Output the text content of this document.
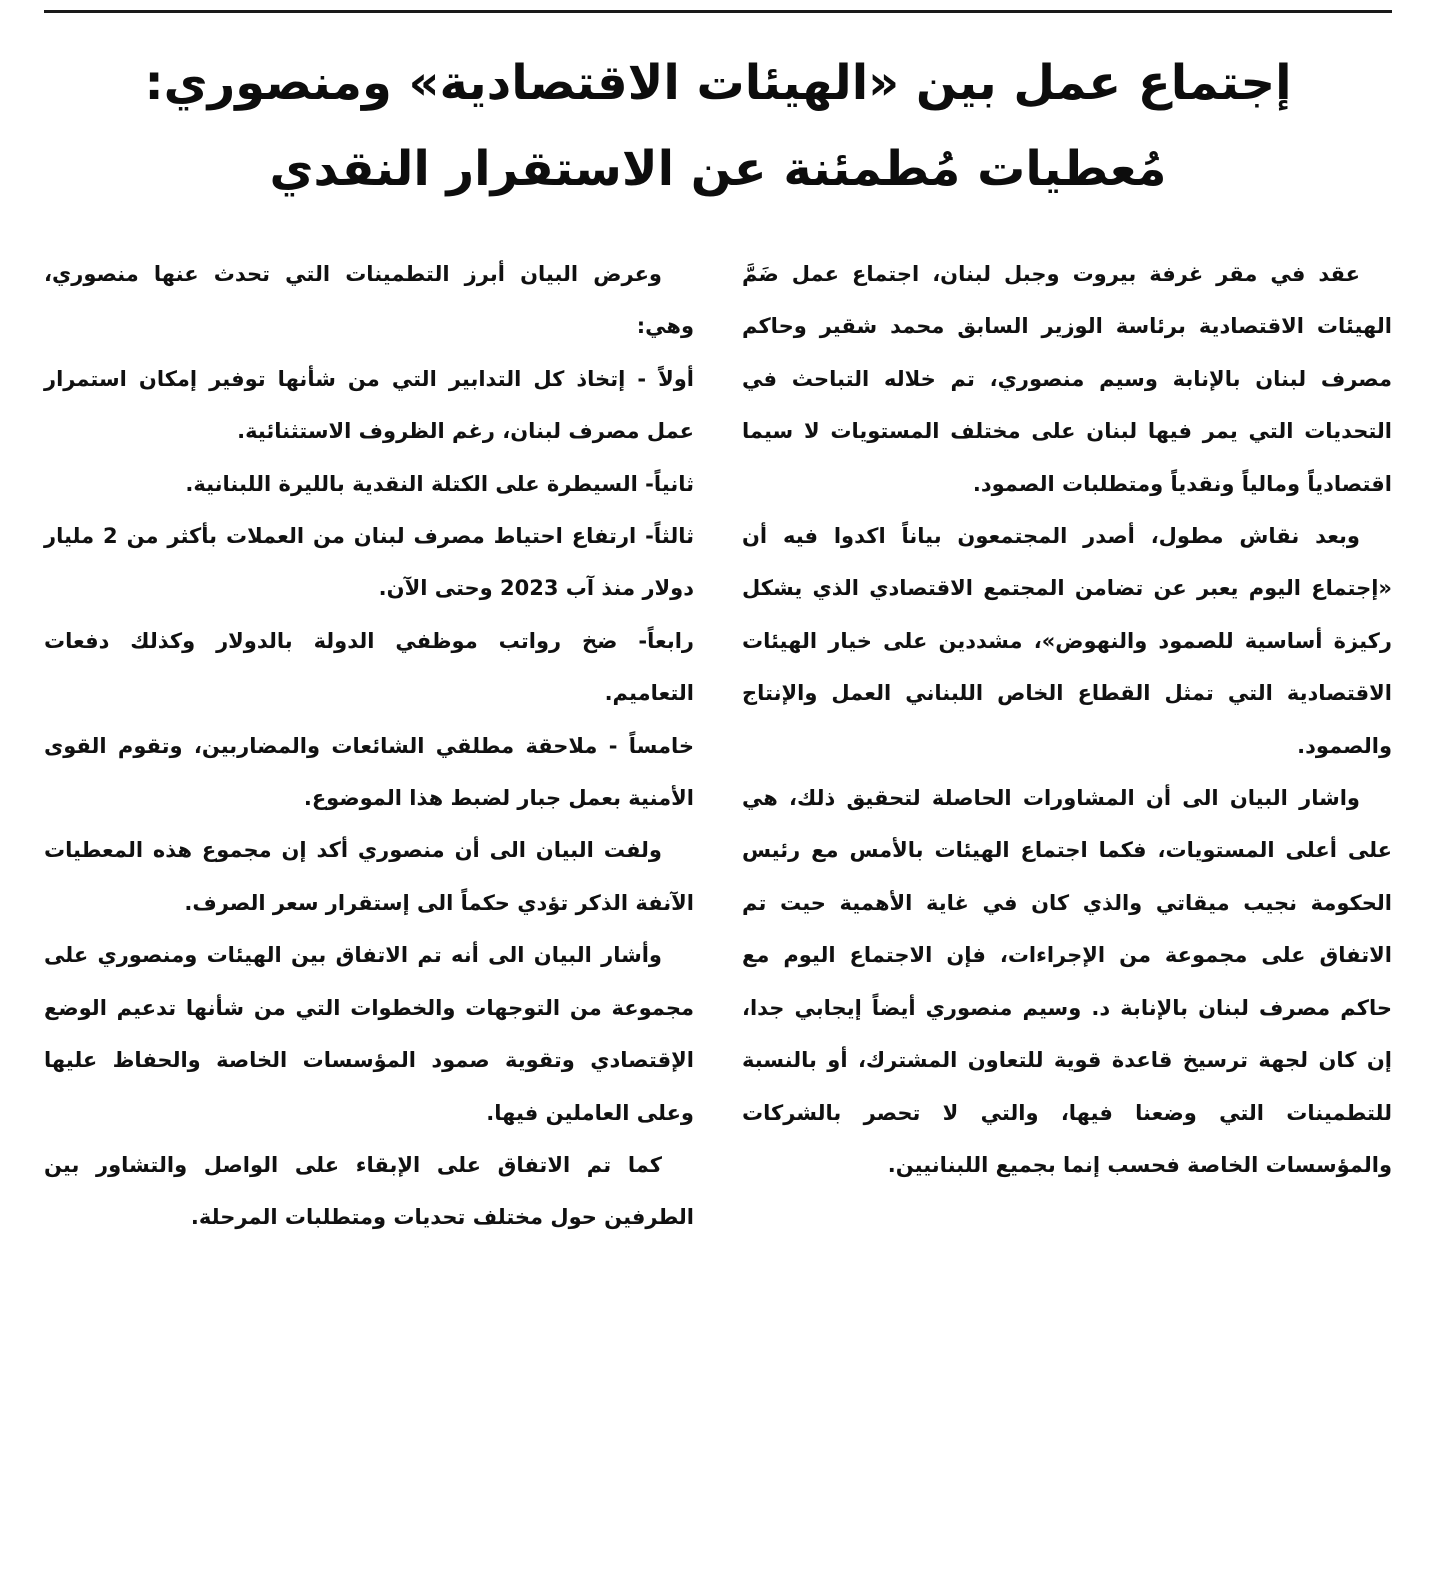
إجتماع عمل بين «الهيئات الاقتصادية» ومنصوري:
مُعطيات مُطمئنة عن الاستقرار النقدي

عقد في مقر غرفة بيروت وجبل لبنان، اجتماع عمل ضَمَّ الهيئات الاقتصادية برئاسة الوزير السابق محمد شقير وحاكم مصرف لبنان بالإنابة وسيم منصوري، تم خلاله التباحث في التحديات التي يمر فيها لبنان على مختلف المستويات لا سيما اقتصادياً ومالياً ونقدياً ومتطلبات الصمود.

وبعد نقاش مطول، أصدر المجتمعون بياناً اكدوا فيه أن «إجتماع اليوم يعبر عن تضامن المجتمع الاقتصادي الذي يشكل ركيزة أساسية للصمود والنهوض»، مشددين على خيار الهيئات الاقتصادية التي تمثل القطاع الخاص اللبناني العمل والإنتاج والصمود.

واشار البيان الى أن المشاورات الحاصلة لتحقيق ذلك، هي على أعلى المستويات، فكما اجتماع الهيئات بالأمس مع رئيس الحكومة نجيب ميقاتي والذي كان في غاية الأهمية حيت تم الاتفاق على مجموعة من الإجراءات، فإن الاجتماع اليوم مع حاكم مصرف لبنان بالإنابة د. وسيم منصوري أيضاً إيجابي جدا، إن كان لجهة ترسيخ قاعدة قوية للتعاون المشترك، أو بالنسبة للتطمينات التي وضعنا فيها، والتي لا تحصر بالشركات والمؤسسات الخاصة فحسب إنما بجميع اللبنانيين.

وعرض البيان أبرز التطمينات التي تحدث عنها منصوري، وهي:

أولاً - إتخاذ كل التدابير التي من شأنها توفير إمكان استمرار عمل مصرف لبنان، رغم الظروف الاستثنائية.

ثانياً- السيطرة على الكتلة النقدية بالليرة اللبنانية.

ثالثاً- ارتفاع احتياط مصرف لبنان من العملات بأكثر من 2 مليار دولار منذ آب 2023 وحتى الآن.

رابعاً- ضخ رواتب موظفي الدولة بالدولار وكذلك دفعات التعاميم.

خامساً - ملاحقة مطلقي الشائعات والمضاربين، وتقوم القوى الأمنية بعمل جبار لضبط هذا الموضوع.

ولفت البيان الى أن منصوري أكد إن مجموع هذه المعطيات الآنفة الذكر تؤدي حكماً الى إستقرار سعر الصرف.

وأشار البيان الى أنه تم الاتفاق بين الهيئات ومنصوري على مجموعة من التوجهات والخطوات التي من شأنها تدعيم الوضع الإقتصادي وتقوية صمود المؤسسات الخاصة والحفاظ عليها وعلى العاملين فيها.

كما تم الاتفاق على الإبقاء على الواصل والتشاور بين الطرفين حول مختلف تحديات ومتطلبات المرحلة.
